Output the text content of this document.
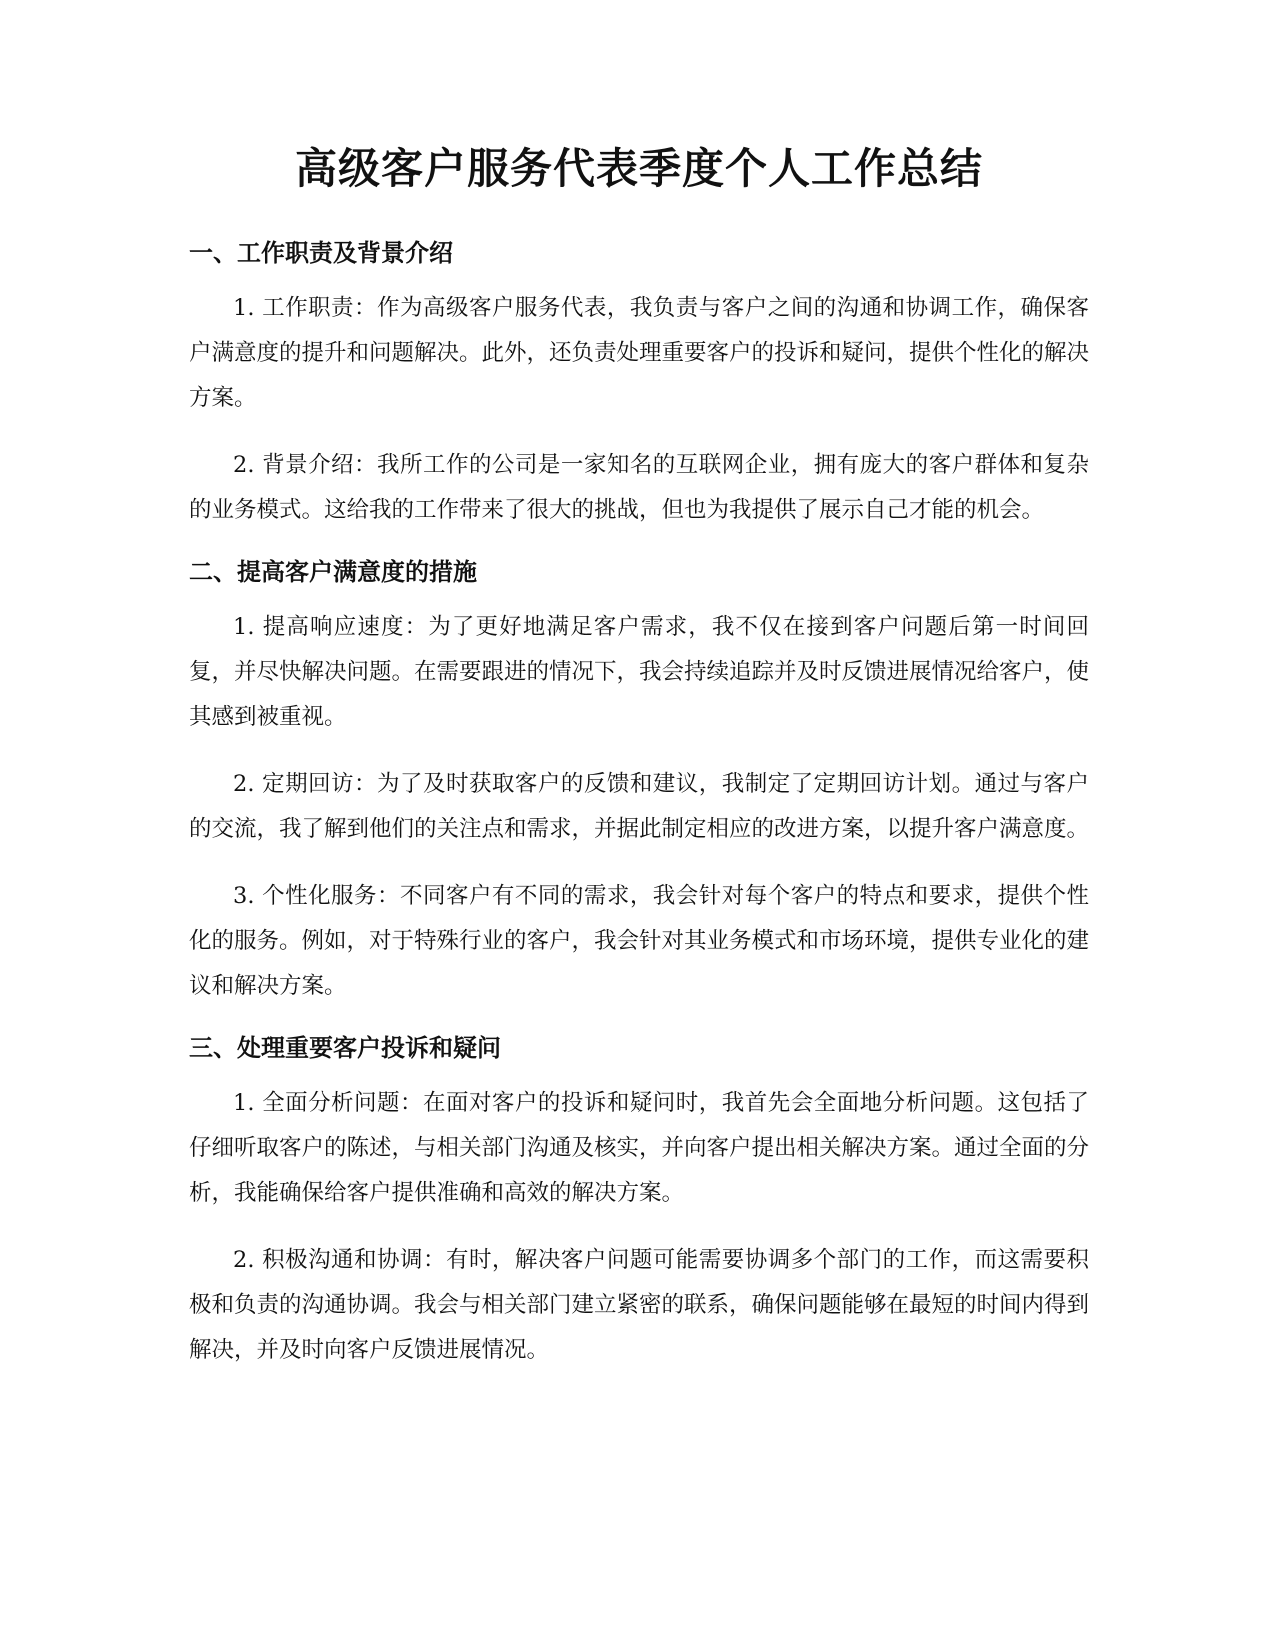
高级客户服务代表季度个人工作总结
一、工作职责及背景介绍

1. 工作职责：作为高级客户服务代表，我负责与客户之间的沟通和协调工作，确保客户满意度的提升和问题解决。此外，还负责处理重要客户的投诉和疑问，提供个性化的解决方案。

2. 背景介绍：我所工作的公司是一家知名的互联网企业，拥有庞大的客户群体和复杂的业务模式。这给我的工作带来了很大的挑战，但也为我提供了展示自己才能的机会。

二、提高客户满意度的措施

1. 提高响应速度：为了更好地满足客户需求，我不仅在接到客户问题后第一时间回复，并尽快解决问题。在需要跟进的情况下，我会持续追踪并及时反馈进展情况给客户，使其感到被重视。

2. 定期回访：为了及时获取客户的反馈和建议，我制定了定期回访计划。通过与客户的交流，我了解到他们的关注点和需求，并据此制定相应的改进方案，以提升客户满意度。

3. 个性化服务：不同客户有不同的需求，我会针对每个客户的特点和要求，提供个性化的服务。例如，对于特殊行业的客户，我会针对其业务模式和市场环境，提供专业化的建议和解决方案。

三、处理重要客户投诉和疑问

1. 全面分析问题：在面对客户的投诉和疑问时，我首先会全面地分析问题。这包括了仔细听取客户的陈述，与相关部门沟通及核实，并向客户提出相关解决方案。通过全面的分析，我能确保给客户提供准确和高效的解决方案。

2. 积极沟通和协调：有时，解决客户问题可能需要协调多个部门的工作，而这需要积极和负责的沟通协调。我会与相关部门建立紧密的联系，确保问题能够在最短的时间内得到解决，并及时向客户反馈进展情况。
